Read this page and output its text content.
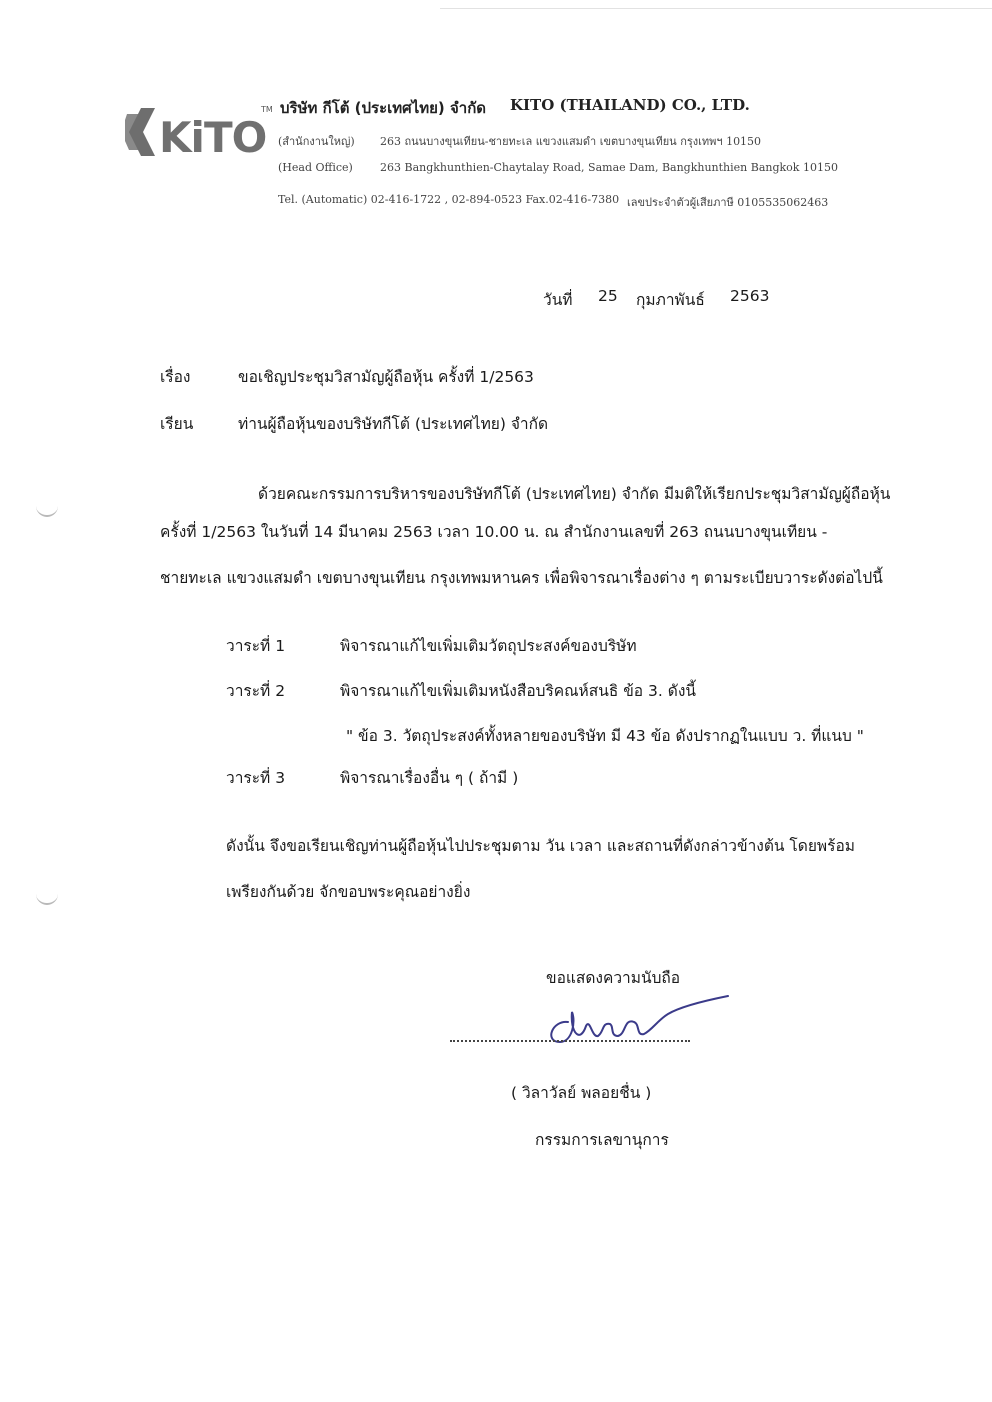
KiTO
TM บริษัท กีโต้ (ประเทศไทย) จำกัด KITO (THAILAND) CO., LTD.
(สำนักงานใหญ่) 263 ถนนบางขุนเทียน-ชายทะเล แขวงแสมดำ เขตบางขุนเทียน กรุงเทพฯ 10150
(Head Office) 263 Bangkhunthien-Chaytalay Road, Samae Dam, Bangkhunthien Bangkok 10150
Tel. (Automatic) 02-416-1722 , 02-894-0523 Fax.02-416-7380 เลขประจำตัวผู้เสียภาษี 0105535062463
วันที่ 25 กุมภาพันธ์ 2563
เรื่อง	ขอเชิญประชุมวิสามัญผู้ถือหุ้น ครั้งที่ 1/2563
เรียน	ท่านผู้ถือหุ้นของบริษัทกีโต้ (ประเทศไทย) จำกัด
ด้วยคณะกรรมการบริหารของบริษัทกีโต้ (ประเทศไทย) จำกัด มีมติให้เรียกประชุมวิสามัญผู้ถือหุ้น
ครั้งที่ 1/2563 ในวันที่ 14 มีนาคม 2563 เวลา 10.00 น. ณ สำนักงานเลขที่ 263 ถนนบางขุนเทียน -
ชายทะเล แขวงแสมดำ เขตบางขุนเทียน กรุงเทพมหานคร เพื่อพิจารณาเรื่องต่าง ๆ ตามระเบียบวาระดังต่อไปนี้
วาระที่ 1	พิจารณาแก้ไขเพิ่มเติมวัตถุประสงค์ของบริษัท
วาระที่ 2	พิจารณาแก้ไขเพิ่มเติมหนังสือบริคณห์สนธิ ข้อ 3. ดังนี้
" ข้อ 3. วัตถุประสงค์ทั้งหลายของบริษัท มี 43 ข้อ ดังปรากฏในแบบ ว. ที่แนบ "
วาระที่ 3	พิจารณาเรื่องอื่น ๆ ( ถ้ามี )
ดังนั้น จึงขอเรียนเชิญท่านผู้ถือหุ้นไปประชุมตาม วัน เวลา และสถานที่ดังกล่าวข้างต้น โดยพร้อม
เพรียงกันด้วย จักขอบพระคุณอย่างยิ่ง
ขอแสดงความนับถือ
( วิลาวัลย์ พลอยชื่น )
กรรมการเลขานุการ
